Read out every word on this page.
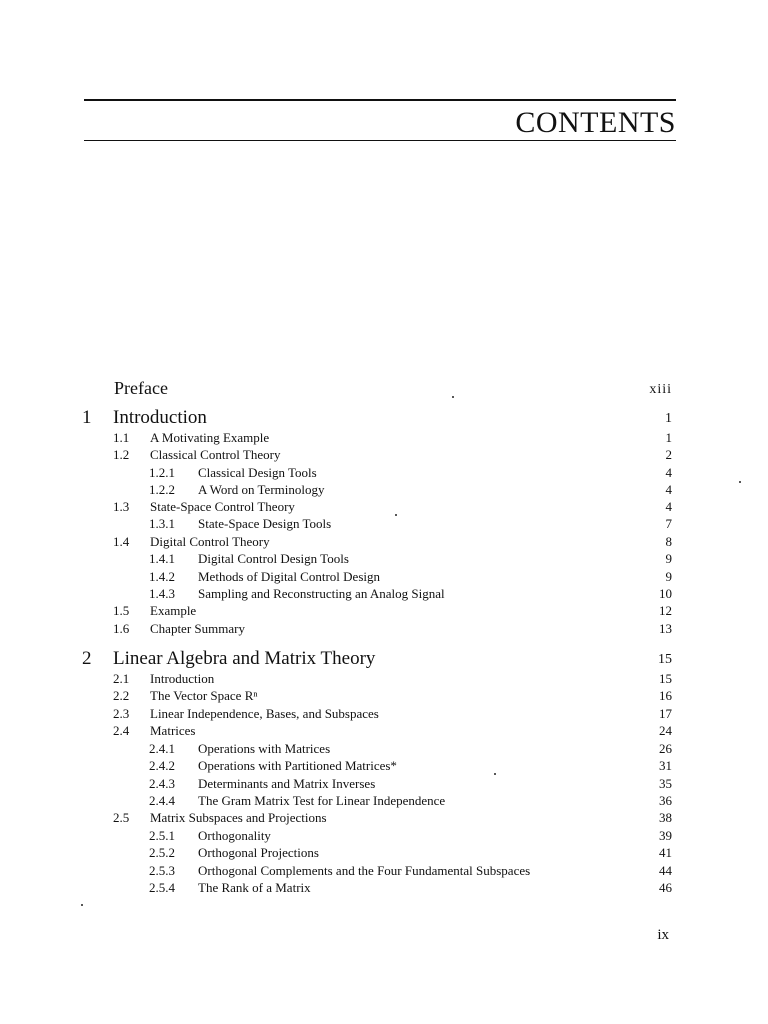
CONTENTS
Preface	xiii
1 Introduction	1
1.1 A Motivating Example	1
1.2 Classical Control Theory	2
1.2.1 Classical Design Tools	4
1.2.2 A Word on Terminology	4
1.3 State-Space Control Theory	4
1.3.1 State-Space Design Tools	7
1.4 Digital Control Theory	8
1.4.1 Digital Control Design Tools	9
1.4.2 Methods of Digital Control Design	9
1.4.3 Sampling and Reconstructing an Analog Signal	10
1.5 Example	12
1.6 Chapter Summary	13
2 Linear Algebra and Matrix Theory	15
2.1 Introduction	15
2.2 The Vector Space Rⁿ	16
2.3 Linear Independence, Bases, and Subspaces	17
2.4 Matrices	24
2.4.1 Operations with Matrices	26
2.4.2 Operations with Partitioned Matrices*	31
2.4.3 Determinants and Matrix Inverses	35
2.4.4 The Gram Matrix Test for Linear Independence	36
2.5 Matrix Subspaces and Projections	38
2.5.1 Orthogonality	39
2.5.2 Orthogonal Projections	41
2.5.3 Orthogonal Complements and the Four Fundamental Subspaces	44
2.5.4 The Rank of a Matrix	46
ix
